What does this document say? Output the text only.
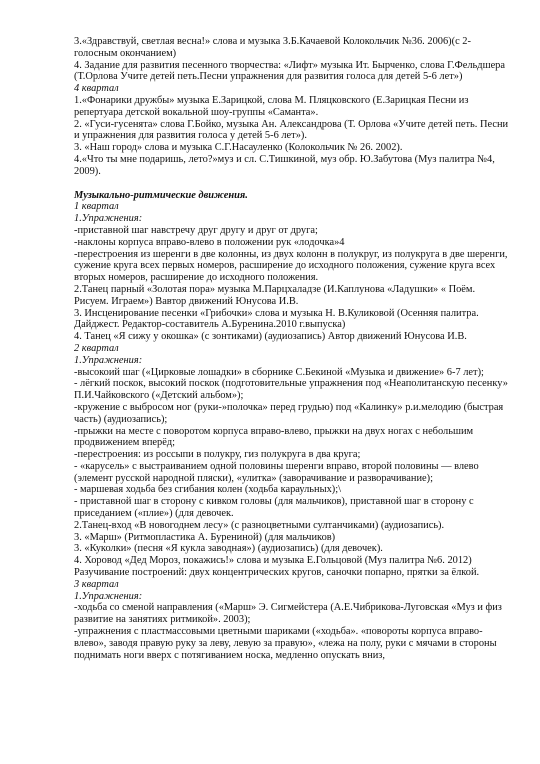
3.«Здравствуй, светлая весна!» слова и музыка З.Б.Качаевой Колокольчик №36. 2006)(с 2-голосным окончанием)
4. Задание для развития песенного творчества: «Лифт» музыка Ит. Бырченко, слова Г.Фельдшера (Т.Орлова Учите детей петь.Песни упражнения для развития голоса для детей 5-6 лет»)
4 квартал
1.«Фонарики дружбы» музыка Е.Зарицкой, слова М. Пляцковского (Е.Зарицкая Песни из репертуара детской вокальной шоу-группы «Саманта».
2. «Гуси-гусенята» слова Г.Бойко, музыка Ан. Александрова (Т. Орлова «Учите детей петь. Песни и упражнения для развития голоса у детей 5-6 лет»).
3. «Наш город» слова и музыка С.Г.Насауленко (Колокольчик № 26. 2002).
4.«Что ты мне подаришь, лето?»муз и сл. С.Тишкиной, муз обр. Ю.Забутова (Муз палитра №4, 2009).
Музыкально-ритмические движения.
1 квартал
1.Упражнения:
-приставной шаг навстречу друг другу и друг от друга;
-наклоны корпуса вправо-влево в положении рук «лодочка»4
-перестроения из шеренги в две колонны, из двух колонн в полукруг, из полукруга в две шеренги, сужение круга всех первых номеров, расширение до исходного положения, сужение круга всех вторых номеров, расширение до исходного положения.
2.Танец парный «Золотая пора» музыка М.Парцхаладзе (И.Каплунова «Ладушки» « Поём. Рисуем. Играем») Вавтор движений Юнусова И.В.
3. Инсценирование песенки «Грибочки» слова и музыка Н. В.Куликовой (Осенняя палитра. Дайджест. Редактор-составитель А.Буренина.2010 г.выпуска)
4. Танец «Я сижу у окошка» (с зонтиками) (аудиозапись) Автор движений Юнусова И.В.
2 квартал
1.Упражнения:
-высокоий шаг («Цирковые лошадки» в сборнике С.Бекиной «Музыка и движение» 6-7 лет);
- лёгкий поскок, высокий поскок (подготовительные упражнения под «Неаполитанскую песенку» П.И.Чайковского («Детский альбом»);
-кружение с выбросом ног (руки-»полочка» перед грудью) под «Калинку» р.и.мелодию (быстрая часть) (аудиозапись);
-прыжки на месте с поворотом корпуса вправо-влево, прыжки на двух ногах с небольшим продвижением вперёд;
-перестроения: из россыпи в полукру, гиз полукруга в два круга;
- «карусель» с выстраиванием одной половины шеренги вправо, второй половины — влево (элемент русской народной пляски), «улитка» (заворачивание и разворачивание);
- маршевая ходьба без сгибания колен (ходьба караульных);\
- приставной шаг в сторону с кивком головы (для мальчиков), приставной шаг в сторону с приседанием («плие») (для девочек.
2.Танец-вход «В новогоднем лесу» (с разноцветными султанчиками) (аудиозапись).
3. «Марш» (Ритмопластика А. Бурениной) (для мальчиков)
3. «Куколки» (песня «Я кукла заводная») (аудиозапись) (для девочек).
4. Хоровод «Дед Мороз, покажись!» слова и музыка Е.Гольцовой (Муз палитра №6. 2012) Разучивание построений: двух концентрических кругов, саночки попарно, прятки за ёлкой.
3 квартал
1.Упражнения:
-ходьба со сменой направления («Марш» Э. Сигмейстера (А.Е.Чибрикова-Луговская «Муз и физ развитие на занятиях ритмикой». 2003);
-упражнения с пластмассовыми цветными шариками («ходьба». «повороты корпуса вправо-влево», заводя правую руку за леву, левую за правую», «лежа на полу, руки с мячами в стороны поднимать ноги вверх с потягиванием носка, медленно опускать вниз,
